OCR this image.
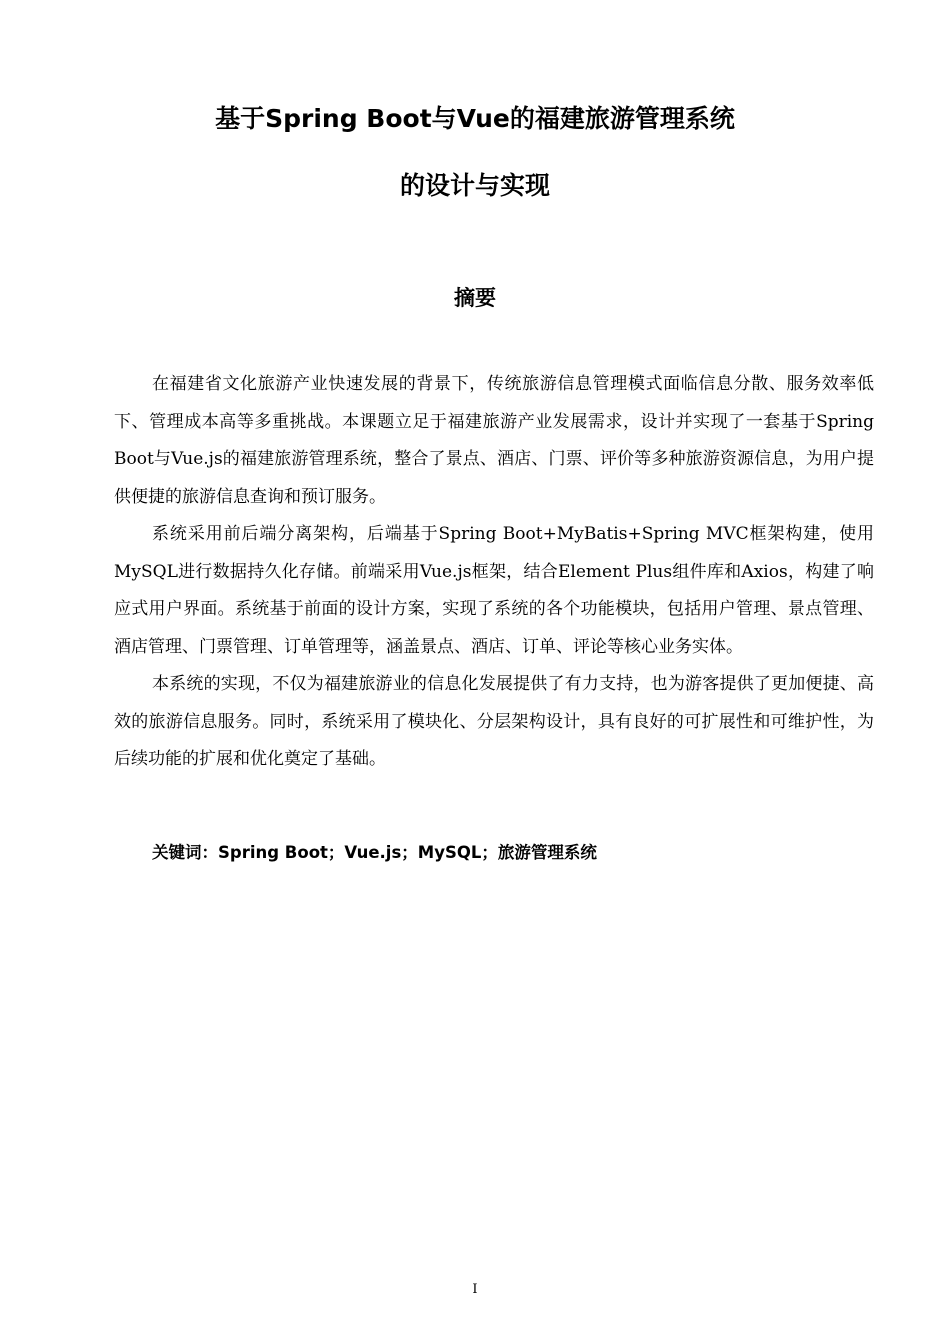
基于Spring Boot与Vue的福建旅游管理系统
的设计与实现
摘要

在福建省文化旅游产业快速发展的背景下，传统旅游信息管理模式面临信息分散、服务效率低下、管理成本高等多重挑战。本课题立足于福建旅游产业发展需求，设计并实现了一套基于Spring Boot与Vue.js的福建旅游管理系统，整合了景点、酒店、门票、评价等多种旅游资源信息，为用户提供便捷的旅游信息查询和预订服务。

系统采用前后端分离架构，后端基于Spring Boot+MyBatis+Spring MVC框架构建，使用MySQL进行数据持久化存储。前端采用Vue.js框架，结合Element Plus组件库和Axios，构建了响应式用户界面。系统基于前面的设计方案，实现了系统的各个功能模块，包括用户管理、景点管理、酒店管理、门票管理、订单管理等，涵盖景点、酒店、订单、评论等核心业务实体。

本系统的实现，不仅为福建旅游业的信息化发展提供了有力支持，也为游客提供了更加便捷、高效的旅游信息服务。同时，系统采用了模块化、分层架构设计，具有良好的可扩展性和可维护性，为后续功能的扩展和优化奠定了基础。

关键词：Spring Boot；Vue.js；MySQL；旅游管理系统
I
